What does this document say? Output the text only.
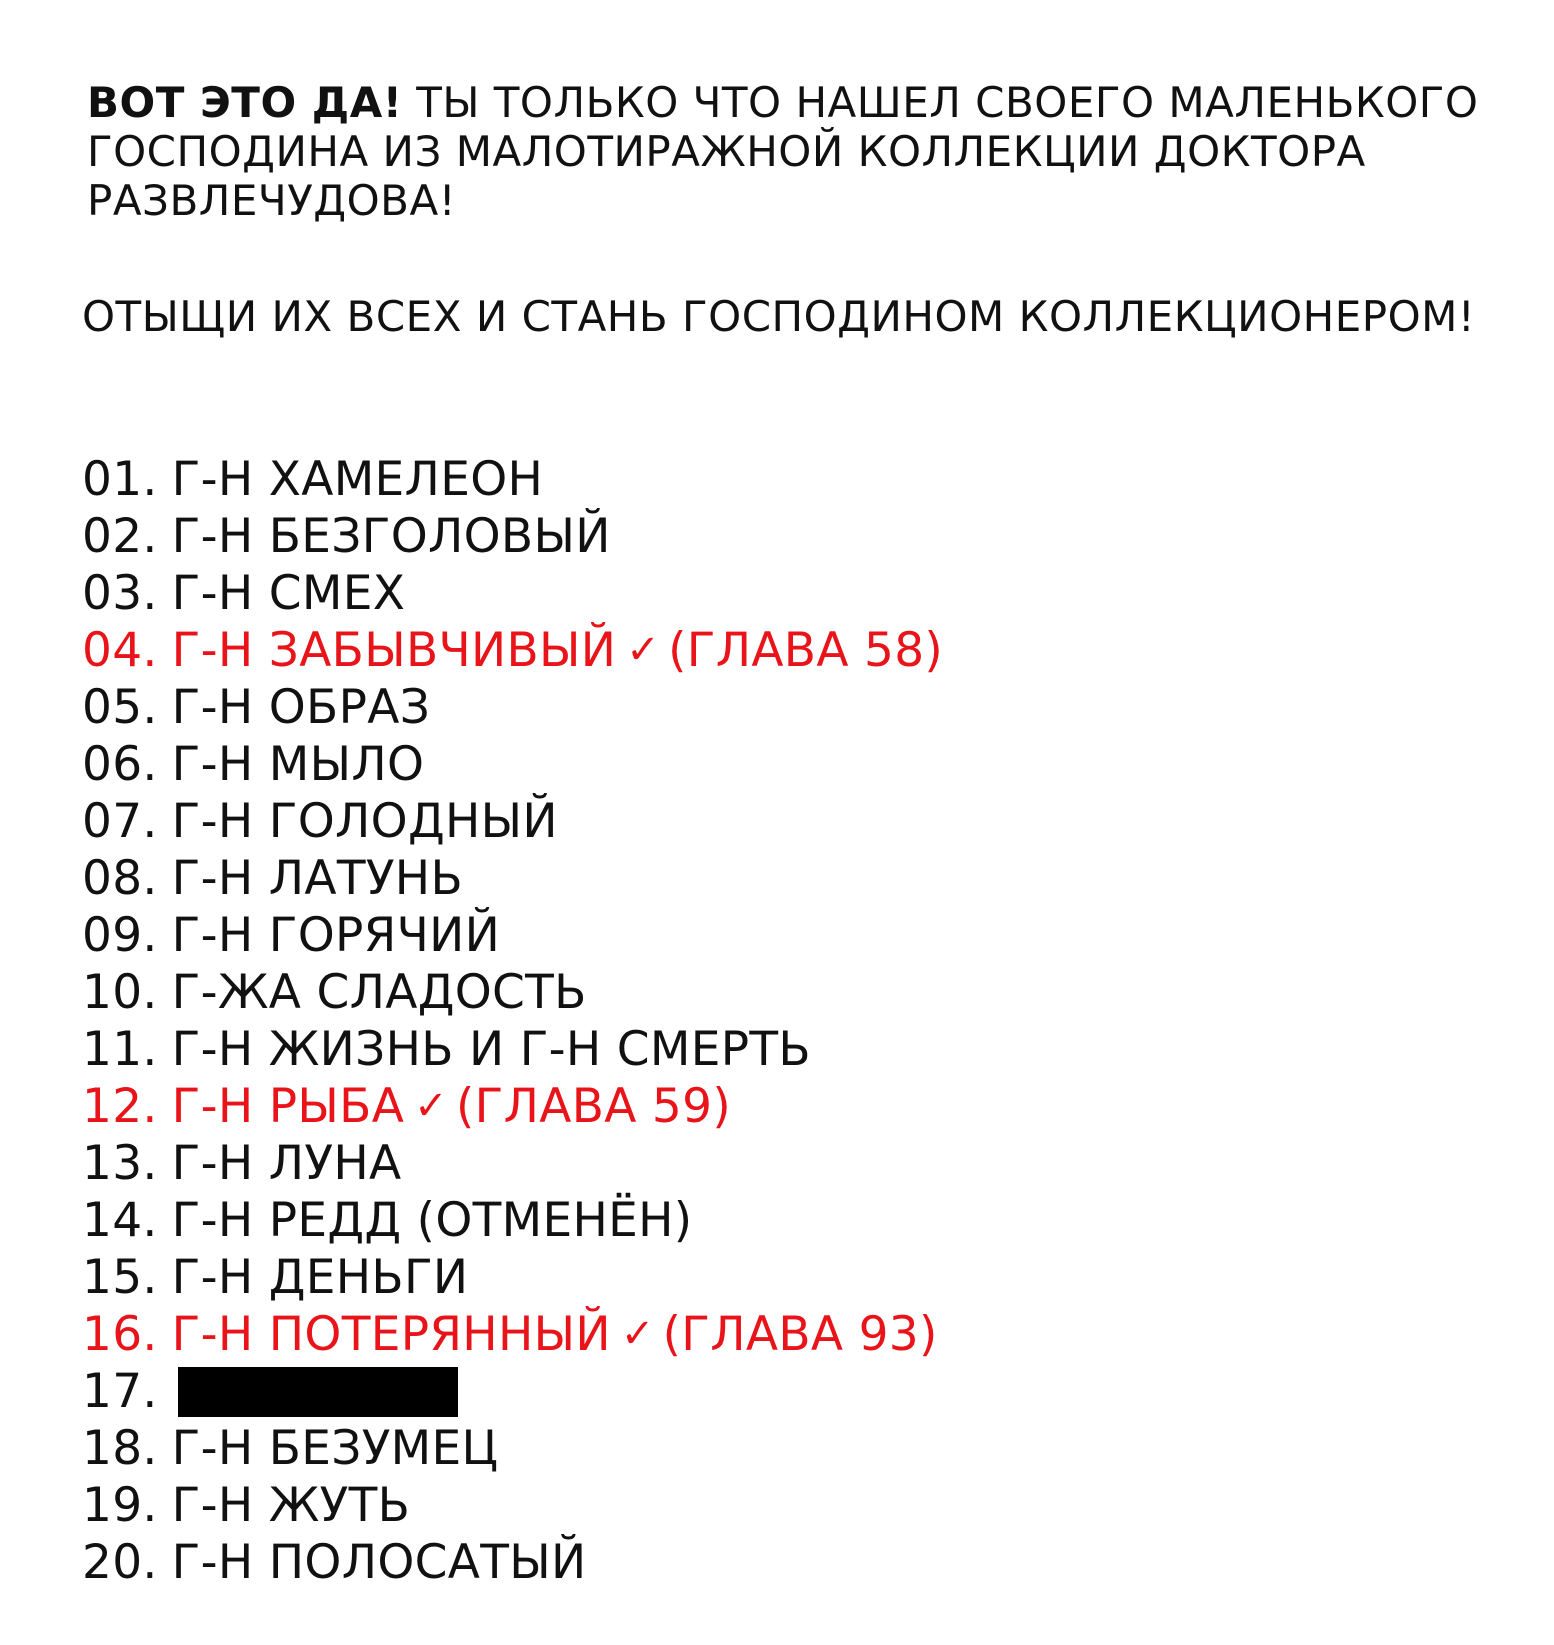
ВОТ ЭТО ДА! ТЫ ТОЛЬКО ЧТО НАШЕЛ СВОЕГО МАЛЕНЬКОГО ГОСПОДИНА ИЗ МАЛОТИРАЖНОЙ КОЛЛЕКЦИИ ДОКТОРА РАЗВЛЕЧУДОВА!

ОТЫЩИ ИХ ВСЕХ И СТАНЬ ГОСПОДИНОМ КОЛЛЕКЦИОНЕРОМ!

01. Г-Н ХАМЕЛЕОН
02. Г-Н БЕЗГОЛОВЫЙ
03. Г-Н СМЕХ
04. Г-Н ЗАБЫВЧИВЫЙ ✓ (ГЛАВА 58)
05. Г-Н ОБРАЗ
06. Г-Н МЫЛО
07. Г-Н ГОЛОДНЫЙ
08. Г-Н ЛАТУНЬ
09. Г-Н ГОРЯЧИЙ
10. Г-ЖА СЛАДОСТЬ
11. Г-Н ЖИЗНЬ И Г-Н СМЕРТЬ
12. Г-Н РЫБА ✓ (ГЛАВА 59)
13. Г-Н ЛУНА
14. Г-Н РЕДД (ОТМЕНЁН)
15. Г-Н ДЕНЬГИ
16. Г-Н ПОТЕРЯННЫЙ ✓ (ГЛАВА 93)
17.
18. Г-Н БЕЗУМЕЦ
19. Г-Н ЖУТЬ
20. Г-Н ПОЛОСАТЫЙ
